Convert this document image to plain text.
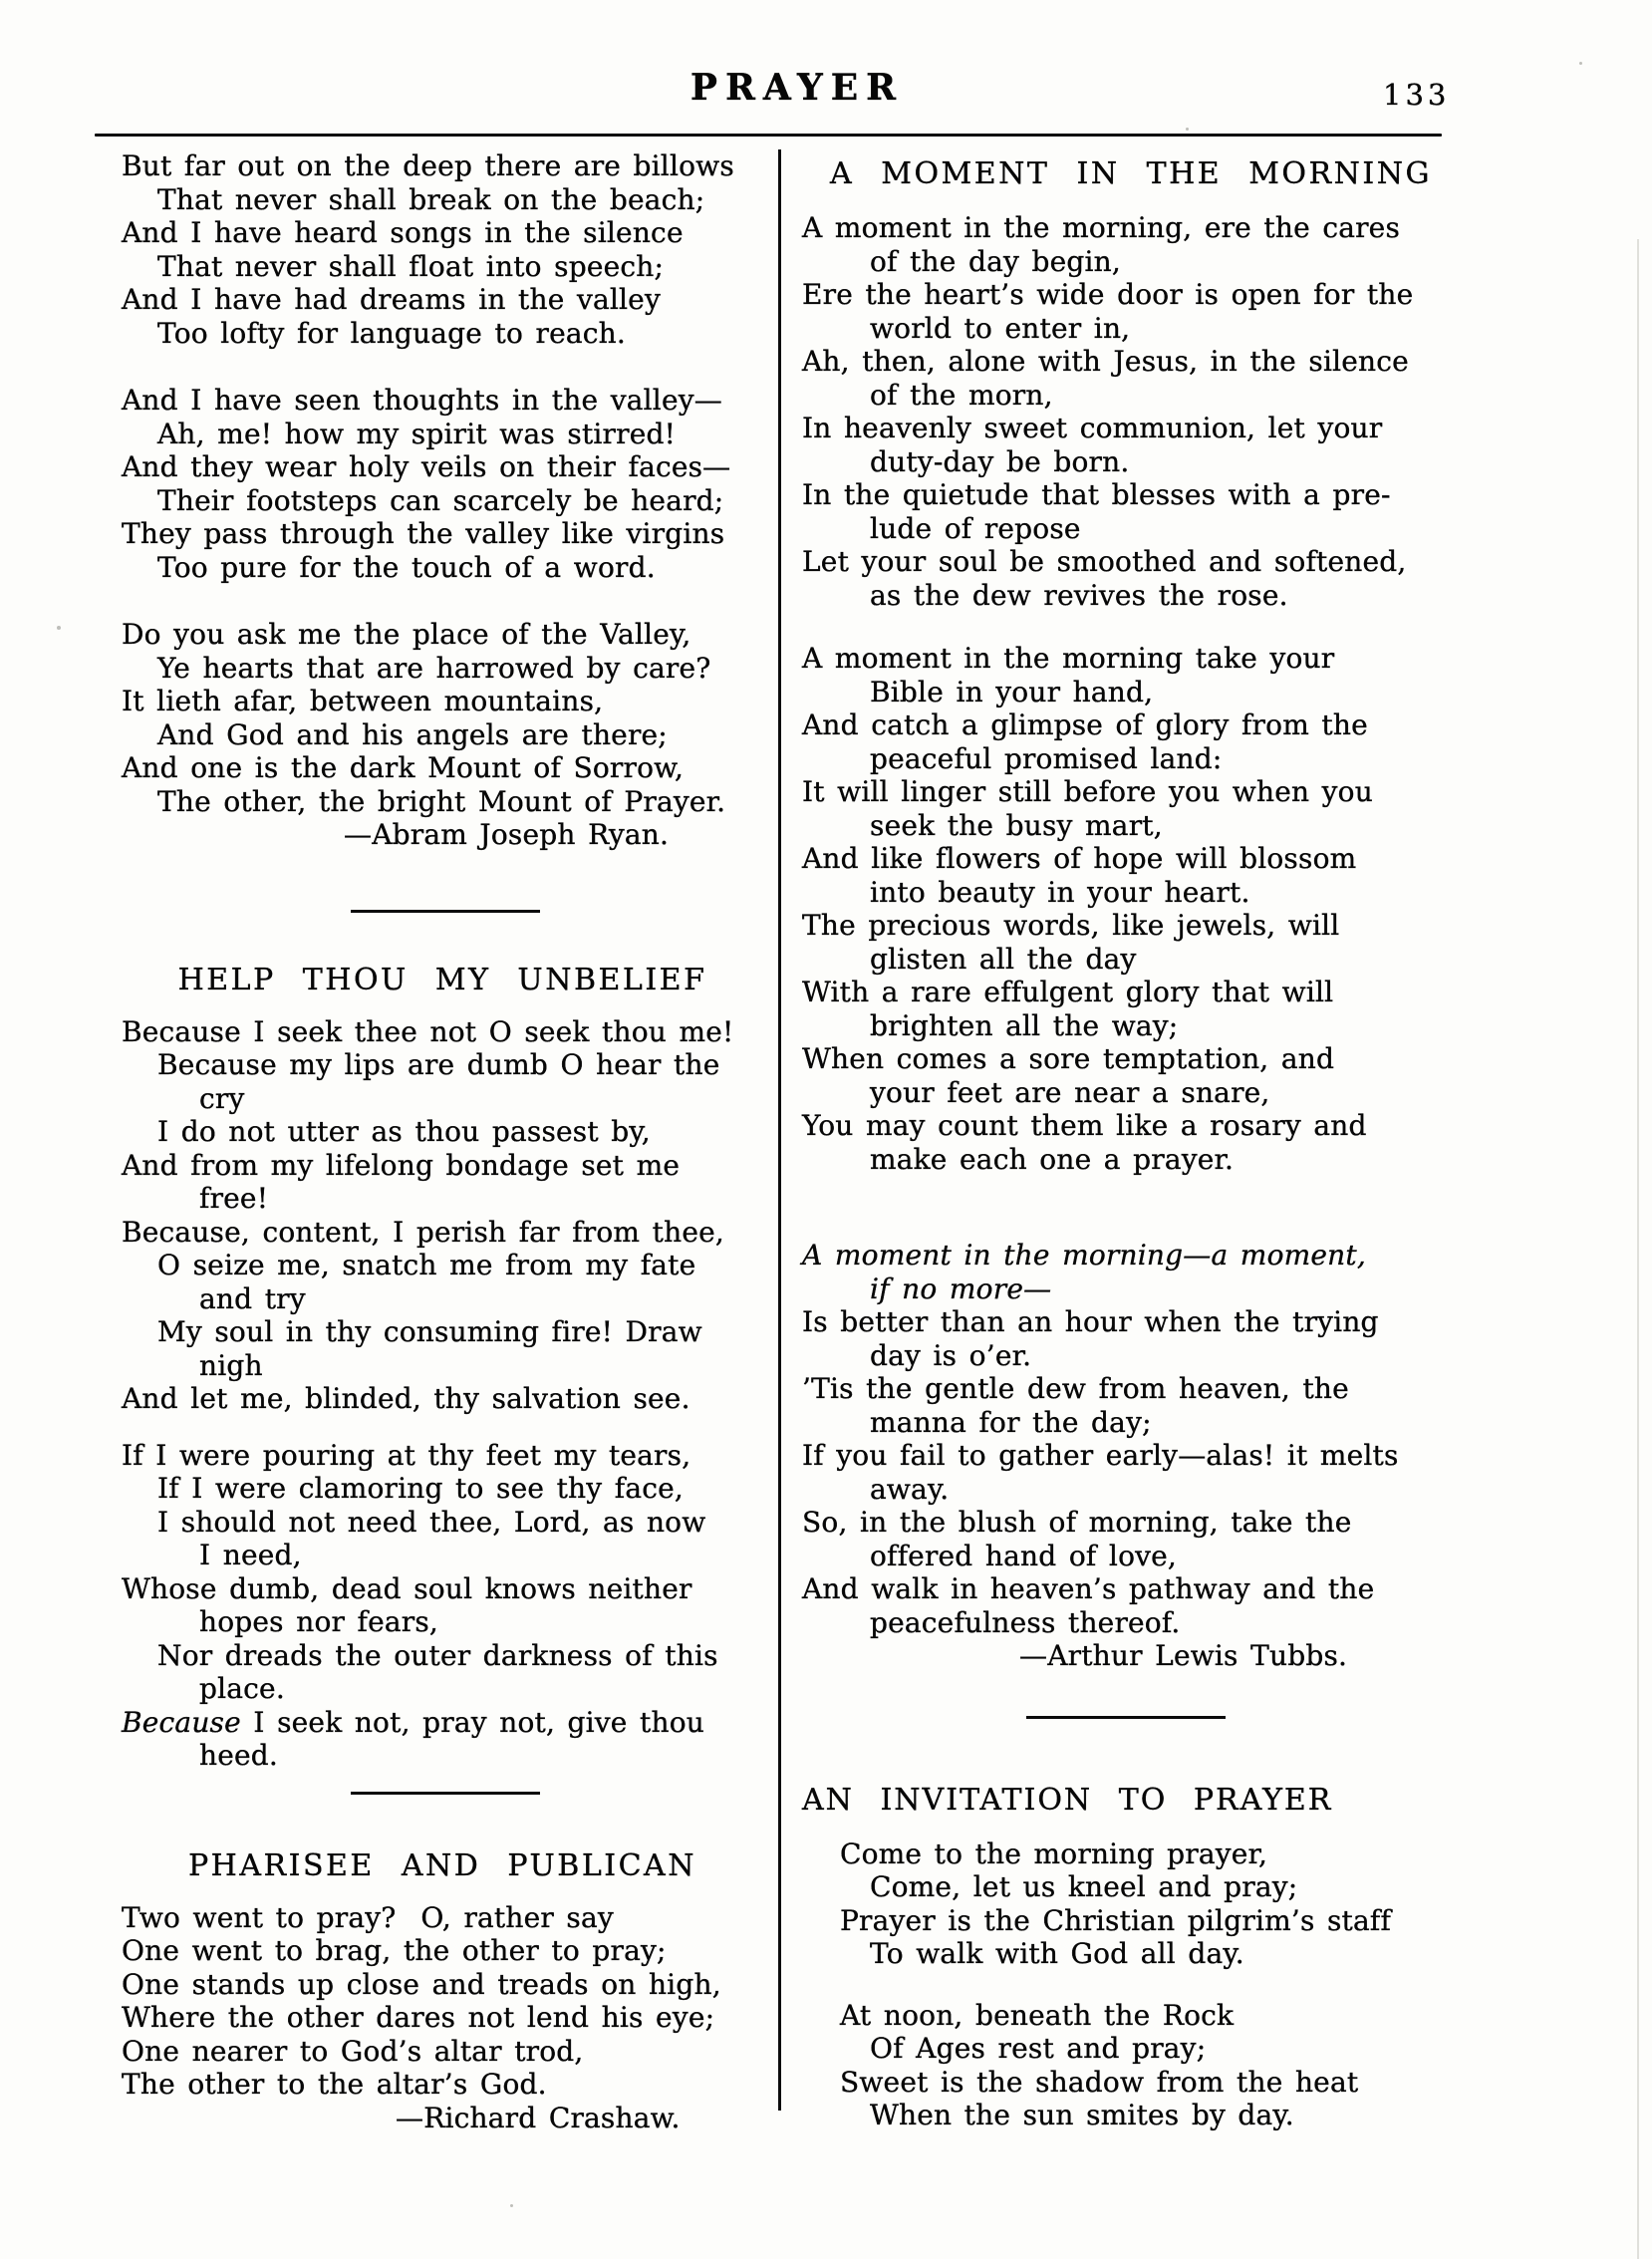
PRAYER	133

But far out on the deep there are billows

That never shall break on the beach;

And I have heard songs in the silence

That never shall float into speech;

And I have had dreams in the valley

Too lofty for language to reach.

And I have seen thoughts in the valley—

Ah, me! how my spirit was stirred!

And they wear holy veils on their faces—

Their footsteps can scarcely be heard;

They pass through the valley like virgins

Too pure for the touch of a word.

Do you ask me the place of the Valley,

Ye hearts that are harrowed by care?

It lieth afar, between mountains,

And God and his angels are there;

And one is the dark Mount of Sorrow,

The other, the bright Mount of Prayer.

—Abram Joseph Ryan.

HELP THOU MY UNBELIEF

Because I seek thee not O seek thou me!

Because my lips are dumb O hear the

cry

I do not utter as thou passest by,

And from my lifelong bondage set me

free!

Because, content, I perish far from thee,

O seize me, snatch me from my fate

and try

My soul in thy consuming fire! Draw

nigh

And let me, blinded, thy salvation see.

If I were pouring at thy feet my tears,

If I were clamoring to see thy face,

I should not need thee, Lord, as now

I need,

Whose dumb, dead soul knows neither

hopes nor fears,

Nor dreads the outer darkness of this

place.

Because I seek not, pray not, give thou

heed.

PHARISEE AND PUBLICAN

Two went to pray?  O, rather say

One went to brag, the other to pray;

One stands up close and treads on high,

Where the other dares not lend his eye;

One nearer to God’s altar trod,

The other to the altar’s God.

—Richard Crashaw.

A MOMENT IN THE MORNING

A moment in the morning, ere the cares

of the day begin,

Ere the heart’s wide door is open for the

world to enter in,

Ah, then, alone with Jesus, in the silence

of the morn,

In heavenly sweet communion, let your

duty-day be born.

In the quietude that blesses with a pre-

lude of repose

Let your soul be smoothed and softened,

as the dew revives the rose.

A moment in the morning take your

Bible in your hand,

And catch a glimpse of glory from the

peaceful promised land:

It will linger still before you when you

seek the busy mart,

And like flowers of hope will blossom

into beauty in your heart.

The precious words, like jewels, will

glisten all the day

With a rare effulgent glory that will

brighten all the way;

When comes a sore temptation, and

your feet are near a snare,

You may count them like a rosary and

make each one a prayer.

A moment in the morning—a moment,

if no more—

Is better than an hour when the trying

day is o’er.

’Tis the gentle dew from heaven, the

manna for the day;

If you fail to gather early—alas! it melts

away.

So, in the blush of morning, take the

offered hand of love,

And walk in heaven’s pathway and the

peacefulness thereof.

—Arthur Lewis Tubbs.

AN INVITATION TO PRAYER

Come to the morning prayer,

Come, let us kneel and pray;

Prayer is the Christian pilgrim’s staff

To walk with God all day.

At noon, beneath the Rock

Of Ages rest and pray;

Sweet is the shadow from the heat

When the sun smites by day.
